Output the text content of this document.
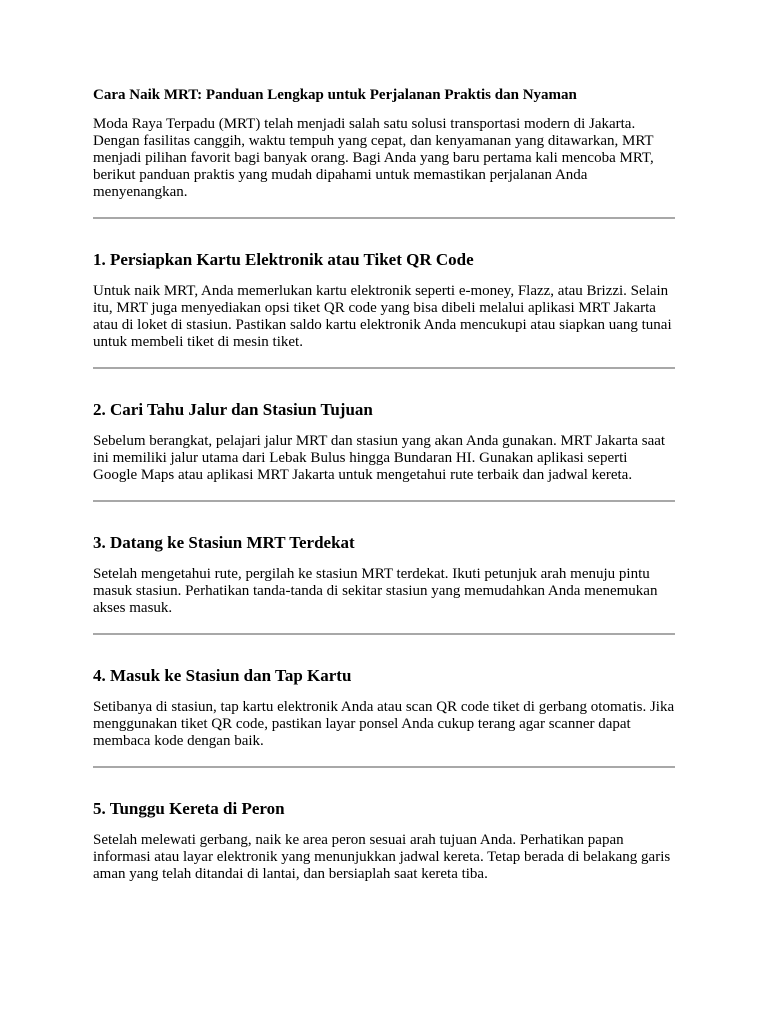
Cara Naik MRT: Panduan Lengkap untuk Perjalanan Praktis dan Nyaman

Moda Raya Terpadu (MRT) telah menjadi salah satu solusi transportasi modern di Jakarta. Dengan fasilitas canggih, waktu tempuh yang cepat, dan kenyamanan yang ditawarkan, MRT menjadi pilihan favorit bagi banyak orang. Bagi Anda yang baru pertama kali mencoba MRT, berikut panduan praktis yang mudah dipahami untuk memastikan perjalanan Anda menyenangkan.

1. Persiapkan Kartu Elektronik atau Tiket QR Code

Untuk naik MRT, Anda memerlukan kartu elektronik seperti e-money, Flazz, atau Brizzi. Selain itu, MRT juga menyediakan opsi tiket QR code yang bisa dibeli melalui aplikasi MRT Jakarta atau di loket di stasiun. Pastikan saldo kartu elektronik Anda mencukupi atau siapkan uang tunai untuk membeli tiket di mesin tiket.

2. Cari Tahu Jalur dan Stasiun Tujuan

Sebelum berangkat, pelajari jalur MRT dan stasiun yang akan Anda gunakan. MRT Jakarta saat ini memiliki jalur utama dari Lebak Bulus hingga Bundaran HI. Gunakan aplikasi seperti Google Maps atau aplikasi MRT Jakarta untuk mengetahui rute terbaik dan jadwal kereta.

3. Datang ke Stasiun MRT Terdekat

Setelah mengetahui rute, pergilah ke stasiun MRT terdekat. Ikuti petunjuk arah menuju pintu masuk stasiun. Perhatikan tanda-tanda di sekitar stasiun yang memudahkan Anda menemukan akses masuk.

4. Masuk ke Stasiun dan Tap Kartu

Setibanya di stasiun, tap kartu elektronik Anda atau scan QR code tiket di gerbang otomatis. Jika menggunakan tiket QR code, pastikan layar ponsel Anda cukup terang agar scanner dapat membaca kode dengan baik.

5. Tunggu Kereta di Peron

Setelah melewati gerbang, naik ke area peron sesuai arah tujuan Anda. Perhatikan papan informasi atau layar elektronik yang menunjukkan jadwal kereta. Tetap berada di belakang garis aman yang telah ditandai di lantai, dan bersiaplah saat kereta tiba.
